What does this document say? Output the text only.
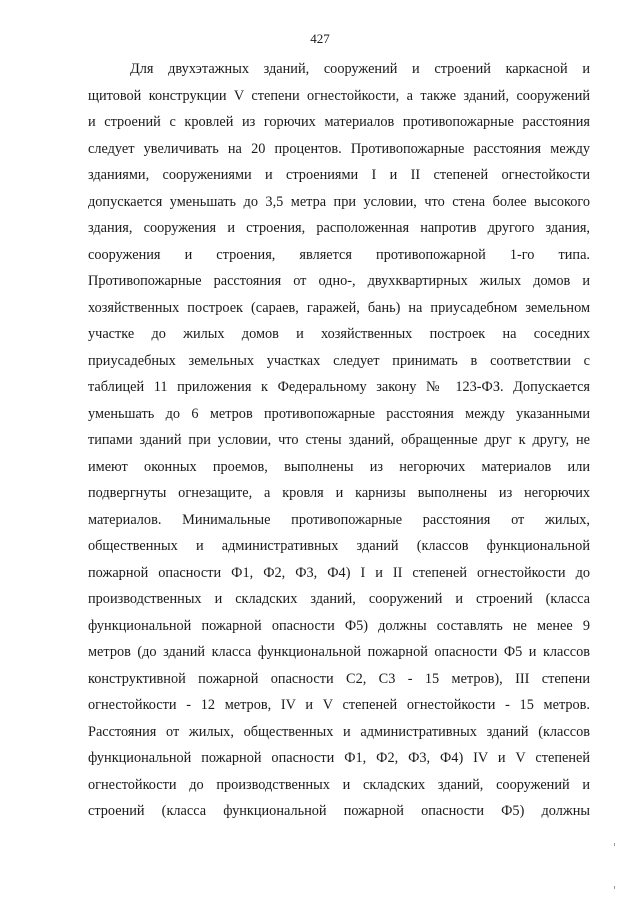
427
Для двухэтажных зданий, сооружений и строений каркасной и
щитовой конструкции V степени огнестойкости, а также зданий, сооружений
и строений с кровлей из горючих материалов противопожарные расстояния
следует увеличивать на 20 процентов. Противопожарные расстояния между
зданиями, сооружениями и строениями I и II степеней огнестойкости
допускается уменьшать до 3,5 метра при условии, что стена более высокого
здания, сооружения и строения, расположенная напротив другого здания,
сооружения и строения, является противопожарной 1-го типа.
Противопожарные расстояния от одно-, двухквартирных жилых домов и
хозяйственных построек (сараев, гаражей, бань) на приусадебном земельном
участке до жилых домов и хозяйственных построек на соседних
приусадебных земельных участках следует принимать в соответствии с
таблицей 11 приложения к Федеральному закону № 123-ФЗ. Допускается
уменьшать до 6 метров противопожарные расстояния между указанными
типами зданий при условии, что стены зданий, обращенные друг к другу, не
имеют оконных проемов, выполнены из негорючих материалов или
подвергнуты огнезащите, а кровля и карнизы выполнены из негорючих
материалов. Минимальные противопожарные расстояния от жилых,
общественных и административных зданий (классов функциональной
пожарной опасности Ф1, Ф2, Ф3, Ф4) I и II степеней огнестойкости до
производственных и складских зданий, сооружений и строений (класса
функциональной пожарной опасности Ф5) должны составлять не менее 9
метров (до зданий класса функциональной пожарной опасности Ф5 и классов
конструктивной пожарной опасности С2, С3 - 15 метров), III степени
огнестойкости - 12 метров, IV и V степеней огнестойкости - 15 метров.
Расстояния от жилых, общественных и административных зданий (классов
функциональной пожарной опасности Ф1, Ф2, Ф3, Ф4) IV и V степеней
огнестойкости до производственных и складских зданий, сооружений и
строений (класса функциональной пожарной опасности Ф5) должны
